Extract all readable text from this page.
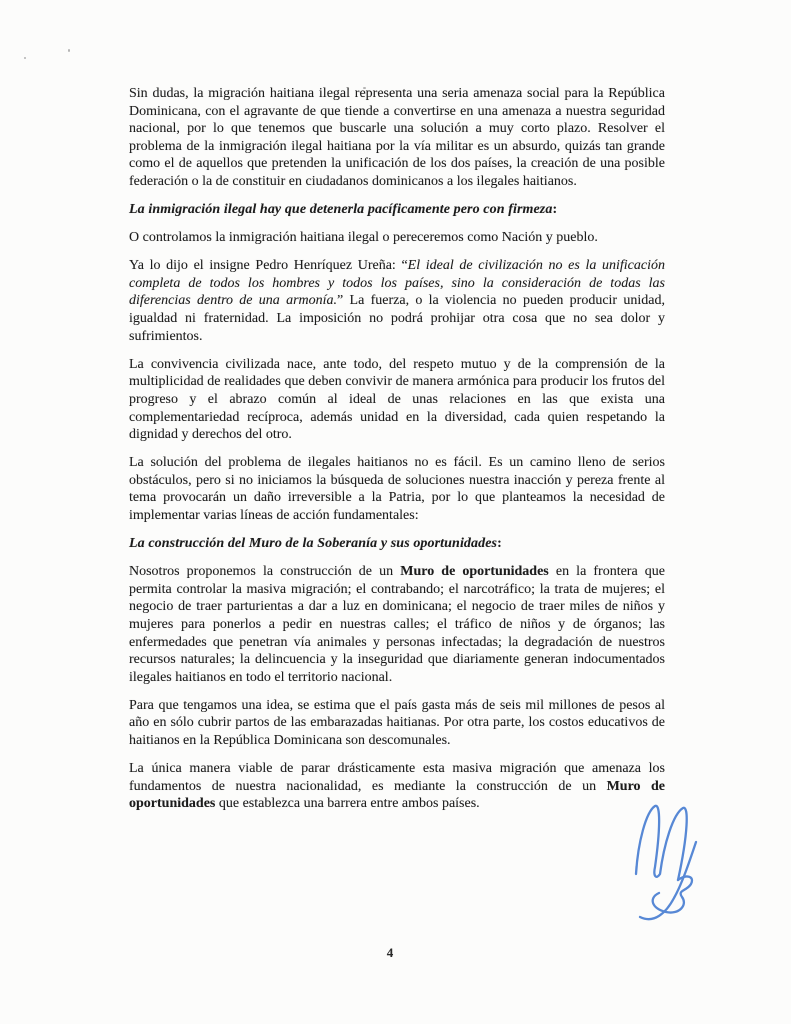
Sin dudas, la migración haitiana ilegal representa una seria amenaza social para la República Dominicana, con el agravante de que tiende a convertirse en una amenaza a nuestra seguridad nacional, por lo que tenemos que buscarle una solución a muy corto plazo. Resolver el problema de la inmigración ilegal haitiana por la vía militar es un absurdo, quizás tan grande como el de aquellos que pretenden la unificación de los dos países, la creación de una posible federación o la de constituir en ciudadanos dominicanos a los ilegales haitianos.

La inmigración ilegal hay que detenerla pacíficamente pero con firmeza:

O controlamos la inmigración haitiana ilegal o pereceremos como Nación y pueblo.

Ya lo dijo el insigne Pedro Henríquez Ureña: “El ideal de civilización no es la unificación completa de todos los hombres y todos los países, sino la consideración de todas las diferencias dentro de una armonía.” La fuerza, o la violencia no pueden producir unidad, igualdad ni fraternidad. La imposición no podrá prohijar otra cosa que no sea dolor y sufrimientos.

La convivencia civilizada nace, ante todo, del respeto mutuo y de la comprensión de la multiplicidad de realidades que deben convivir de manera armónica para producir los frutos del progreso y el abrazo común al ideal de unas relaciones en las que exista una complementariedad recíproca, además unidad en la diversidad, cada quien respetando la dignidad y derechos del otro.

La solución del problema de ilegales haitianos no es fácil. Es un camino lleno de serios obstáculos, pero si no iniciamos la búsqueda de soluciones nuestra inacción y pereza frente al tema provocarán un daño irreversible a la Patria, por lo que planteamos la necesidad de implementar varias líneas de acción fundamentales:

La construcción del Muro de la Soberanía y sus oportunidades:

Nosotros proponemos la construcción de un Muro de oportunidades en la frontera que permita controlar la masiva migración; el contrabando; el narcotráfico; la trata de mujeres; el negocio de traer parturientas a dar a luz en dominicana; el negocio de traer miles de niños y mujeres para ponerlos a pedir en nuestras calles; el tráfico de niños y de órganos; las enfermedades que penetran vía animales y personas infectadas; la degradación de nuestros recursos naturales; la delincuencia y la inseguridad que diariamente generan indocumentados ilegales haitianos en todo el territorio nacional.

Para que tengamos una idea, se estima que el país gasta más de seis mil millones de pesos al año en sólo cubrir partos de las embarazadas haitianas. Por otra parte, los costos educativos de haitianos en la República Dominicana son descomunales.

La única manera viable de parar drásticamente esta masiva migración que amenaza los fundamentos de nuestra nacionalidad, es mediante la construcción de un Muro de oportunidades que establezca una barrera entre ambos países.

4
